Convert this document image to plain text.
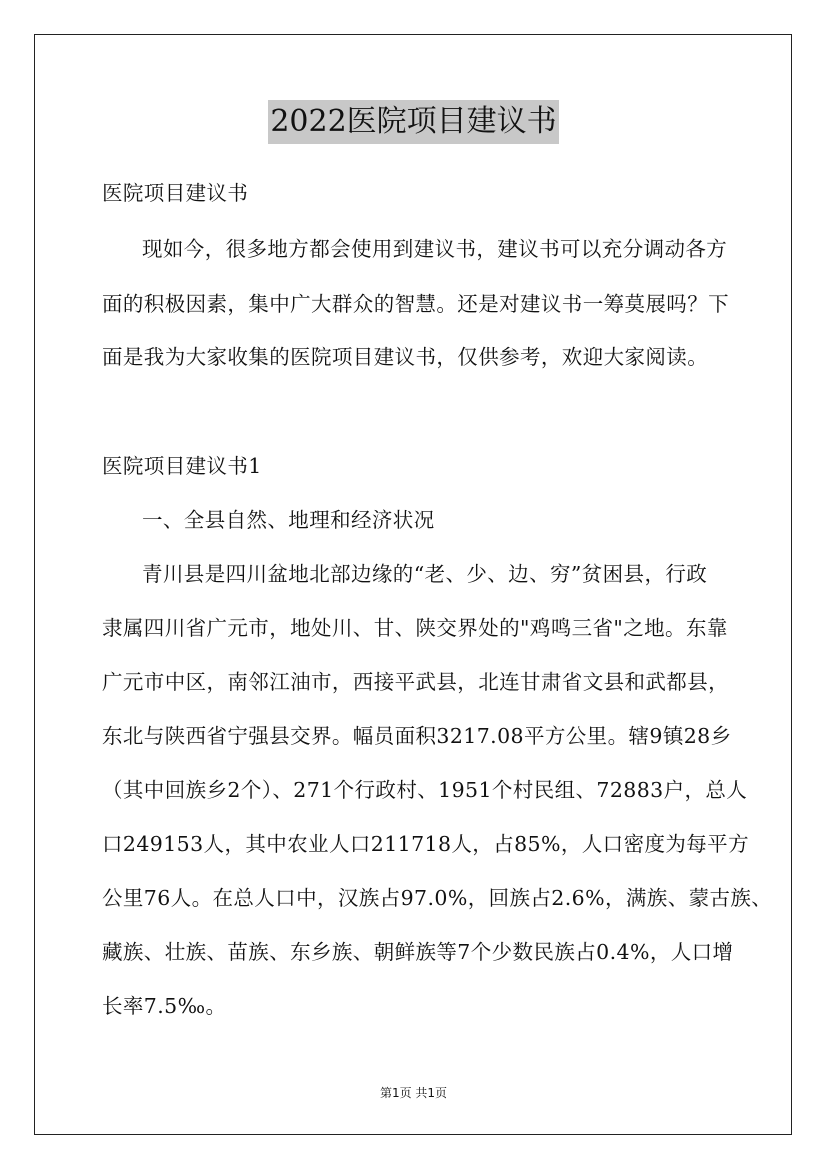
2022医院项目建议书
医院项目建议书
现如今，很多地方都会使用到建议书，建议书可以充分调动各方
面的积极因素，集中广大群众的智慧。还是对建议书一筹莫展吗？下
面是我为大家收集的医院项目建议书，仅供参考，欢迎大家阅读。
医院项目建议书1
一、全县自然、地理和经济状况
青川县是四川盆地北部边缘的“老、少、边、穷”贫困县，行政
隶属四川省广元市，地处川、甘、陕交界处的"鸡鸣三省"之地。东靠
广元市中区，南邻江油市，西接平武县，北连甘肃省文县和武都县，
东北与陕西省宁强县交界。幅员面积3217.08平方公里。辖9镇28乡
（其中回族乡2个）、271个行政村、1951个村民组、72883户，总人
口249153人，其中农业人口211718人，占85%，人口密度为每平方
公里76人。在总人口中，汉族占97.0%，回族占2.6%，满族、蒙古族、
藏族、壮族、苗族、东乡族、朝鲜族等7个少数民族占0.4%，人口增
长率7.5‰。
第1页 共1页
